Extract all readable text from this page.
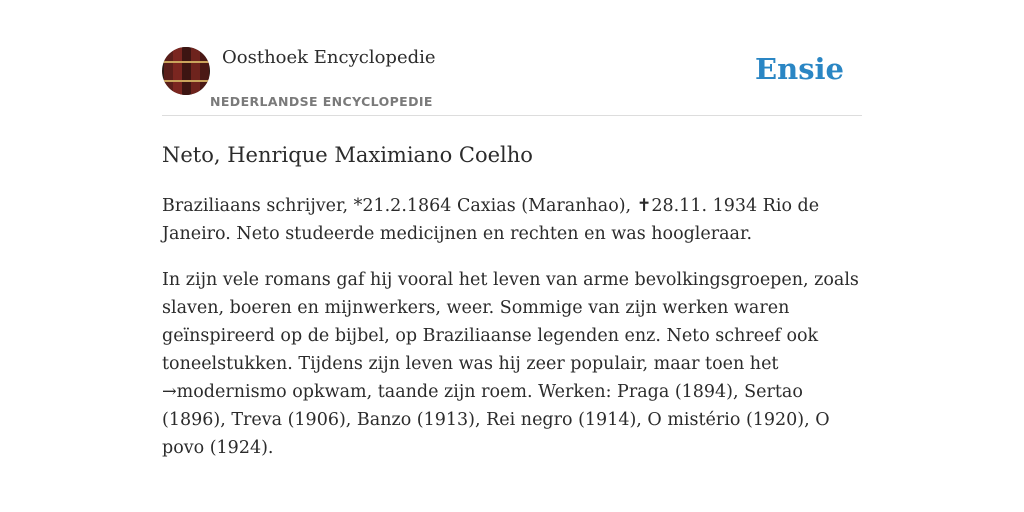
Oosthoek Encyclopedie
NEDERLANDSE ENCYCLOPEDIE
Ensie
Neto, Henrique Maximiano Coelho

Braziliaans schrijver, *21.2.1864 Caxias (Maranhao), ✝28.11. 1934 Rio de Janeiro. Neto studeerde medicijnen en rechten en was hoogleraar.

In zijn vele romans gaf hij vooral het leven van arme bevolkingsgroepen, zoals slaven, boeren en mijnwerkers, weer. Sommige van zijn werken waren geïnspireerd op de bijbel, op Braziliaanse legenden enz. Neto schreef ook toneelstukken. Tijdens zijn leven was hij zeer populair, maar toen het →modernismo opkwam, taande zijn roem. Werken: Praga (1894), Sertao (1896), Treva (1906), Banzo (1913), Rei negro (1914), O mistério (1920), O povo (1924).
